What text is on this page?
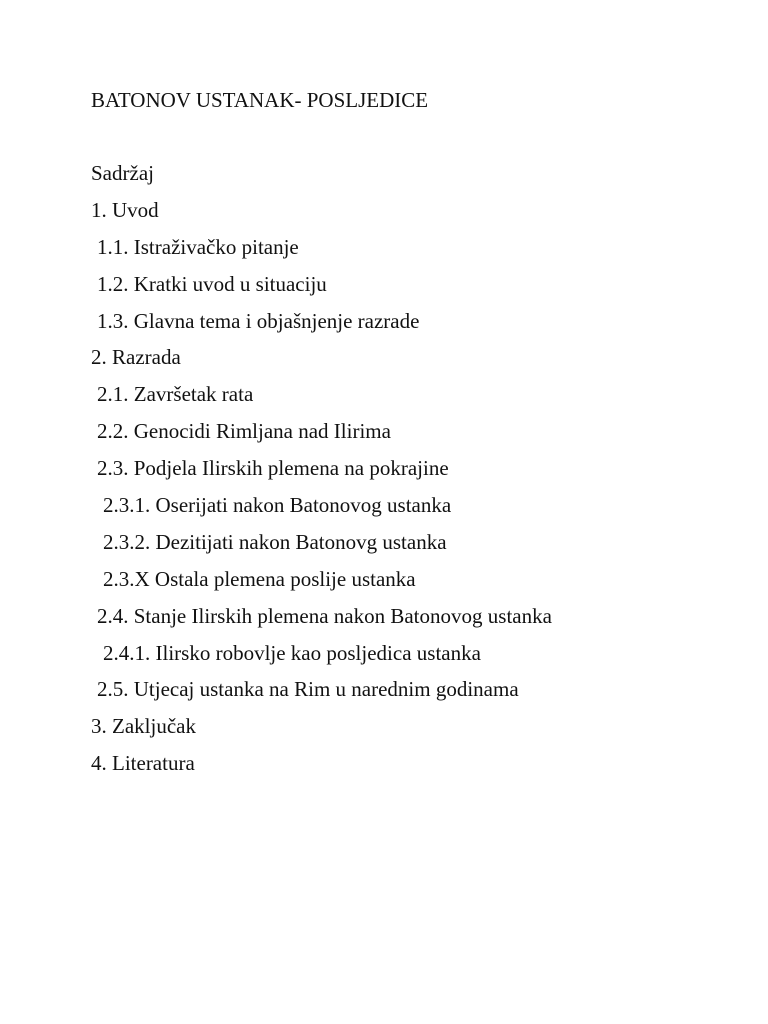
BATONOV USTANAK- POSLJEDICE
Sadržaj
1. Uvod
1.1. Istraživačko pitanje
1.2. Kratki uvod u situaciju
1.3. Glavna tema i objašnjenje razrade
2. Razrada
2.1. Završetak rata
2.2. Genocidi Rimljana nad Ilirima
2.3. Podjela Ilirskih plemena na pokrajine
2.3.1. Oserijati nakon Batonovog ustanka
2.3.2. Dezitijati nakon Batonovg ustanka
2.3.X Ostala plemena poslije ustanka
2.4. Stanje Ilirskih plemena nakon Batonovog ustanka
2.4.1. Ilirsko robovlje kao posljedica ustanka
2.5. Utjecaj ustanka na Rim u narednim godinama
3. Zaključak
4. Literatura
